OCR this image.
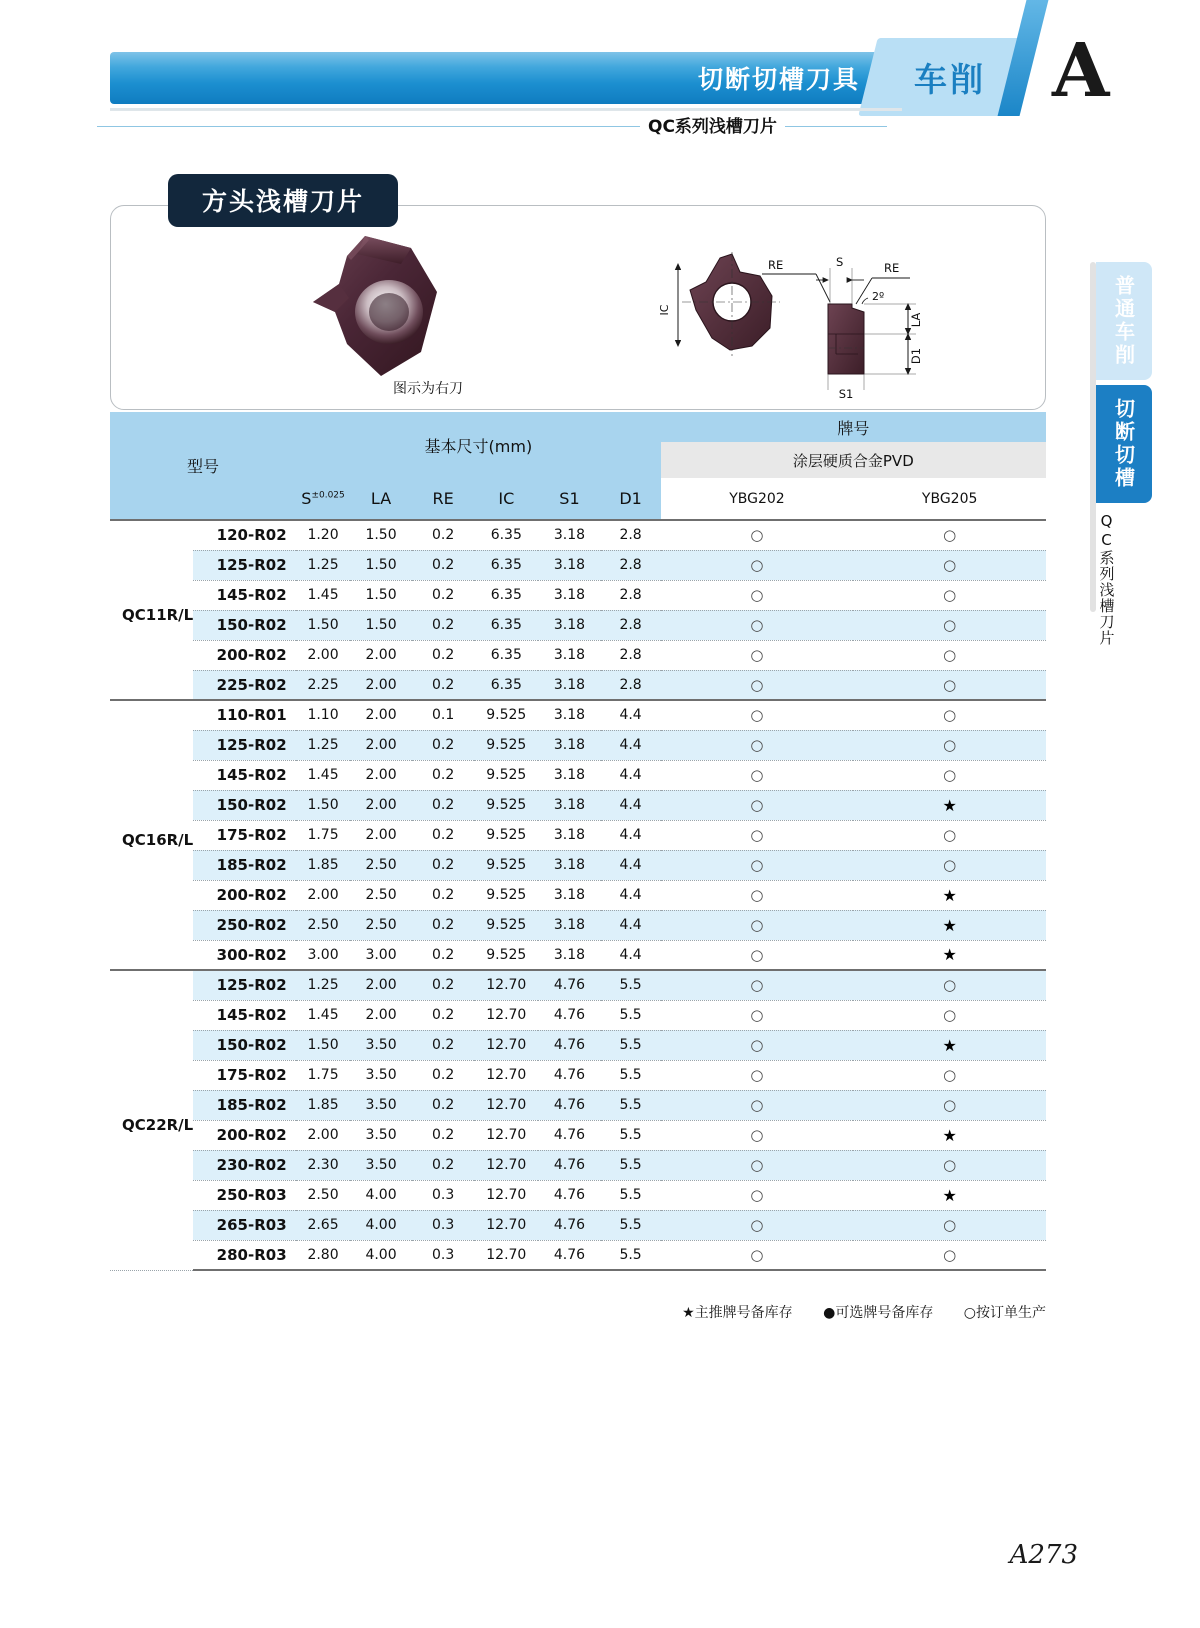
切断切槽刀具	车削 A
QC系列浅槽刀片
方头浅槽刀片
图示为右刀
IC
RE	RE
S
2º
LA
D1
S1
型号		基本尺寸(mm)						牌号	
								涂层硬质合金PVD	
		$S^{\pm 0.025}$	LA	RE	IC	S1	D1	YBG202	YBG205
QC11R/L	120-R02	1.20	1.50	0.2	6.35	3.18	2.8	○	○
	125-R02	1.25	1.50	0.2	6.35	3.18	2.8	○	○
	145-R02	1.45	1.50	0.2	6.35	3.18	2.8	○	○
	150-R02	1.50	1.50	0.2	6.35	3.18	2.8	○	○
	200-R02	2.00	2.00	0.2	6.35	3.18	2.8	○	○
	225-R02	2.25	2.00	0.2	6.35	3.18	2.8	○	○
QC16R/L	110-R01	1.10	2.00	0.1	9.525	3.18	4.4	○	○
	125-R02	1.25	2.00	0.2	9.525	3.18	4.4	○	○
	145-R02	1.45	2.00	0.2	9.525	3.18	4.4	○	○
	150-R02	1.50	2.00	0.2	9.525	3.18	4.4	○	★
	175-R02	1.75	2.00	0.2	9.525	3.18	4.4	○	○
	185-R02	1.85	2.50	0.2	9.525	3.18	4.4	○	○
	200-R02	2.00	2.50	0.2	9.525	3.18	4.4	○	★
	250-R02	2.50	2.50	0.2	9.525	3.18	4.4	○	★
	300-R02	3.00	3.00	0.2	9.525	3.18	4.4	○	★
QC22R/L	125-R02	1.25	2.00	0.2	12.70	4.76	5.5	○	○
	145-R02	1.45	2.00	0.2	12.70	4.76	5.5	○	○
	150-R02	1.50	3.50	0.2	12.70	4.76	5.5	○	★
	175-R02	1.75	3.50	0.2	12.70	4.76	5.5	○	○
	185-R02	1.85	3.50	0.2	12.70	4.76	5.5	○	○
	200-R02	2.00	3.50	0.2	12.70	4.76	5.5	○	★
	230-R02	2.30	3.50	0.2	12.70	4.76	5.5	○	○
	250-R03	2.50	4.00	0.3	12.70	4.76	5.5	○	★
	265-R03	2.65	4.00	0.3	12.70	4.76	5.5	○	○
	280-R03	2.80	4.00	0.3	12.70	4.76	5.5	○	○
★主推牌号备库存 ●可选牌号备库存 ○按订单生产
普通车削
切断切槽
QC系列浅槽刀片
A273
